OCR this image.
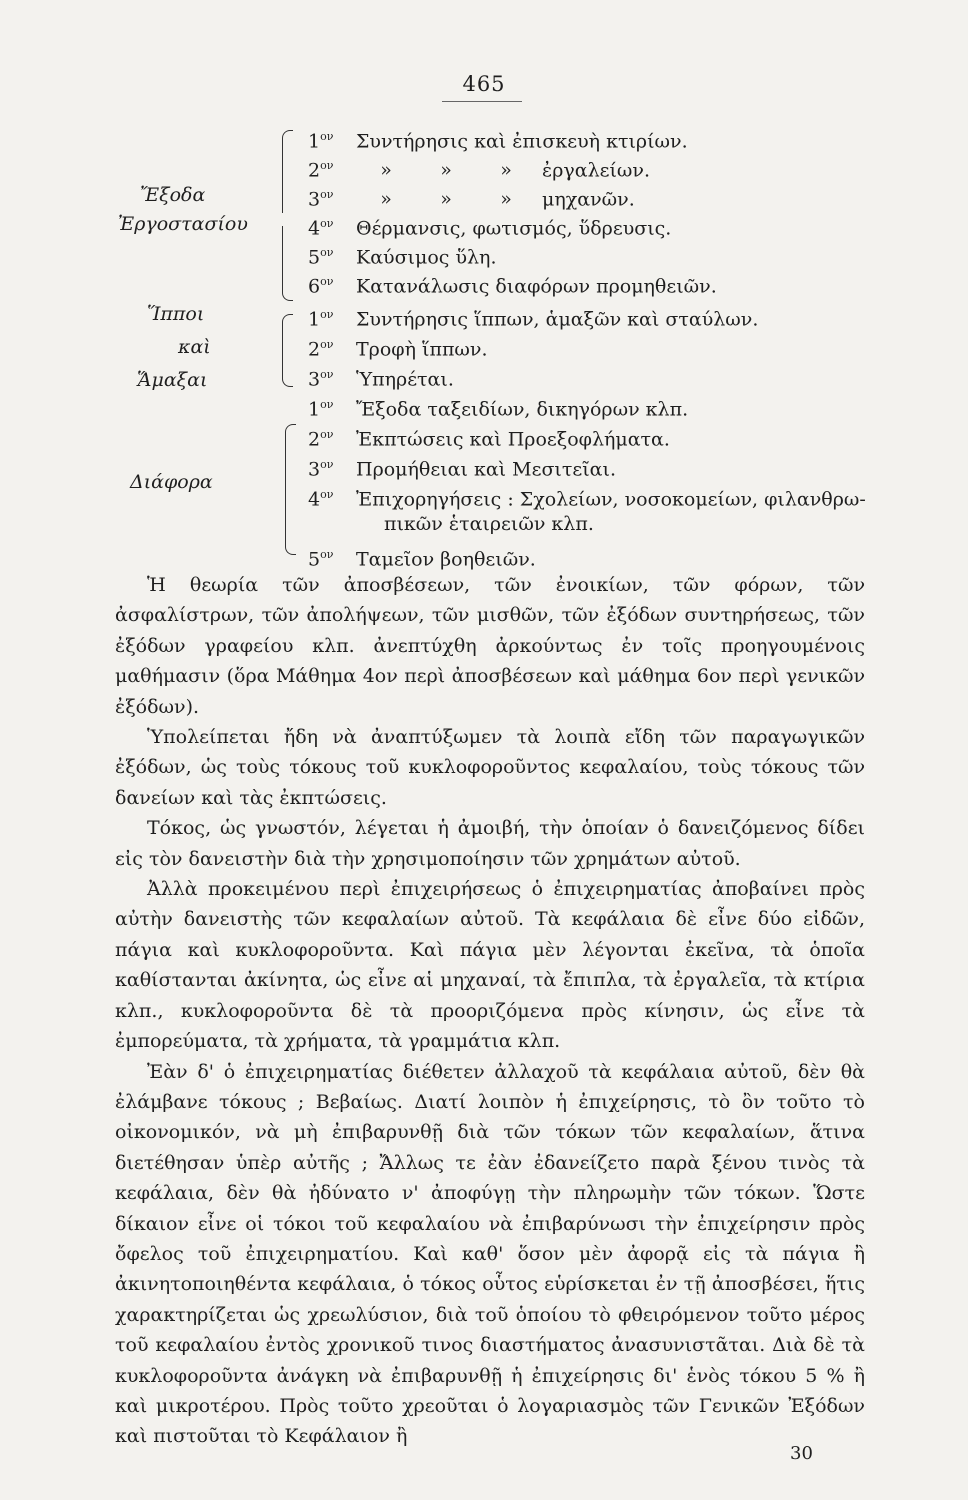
465
Ἔξοδα
Ἐργοστασίου
$1^{o\nu}$ Συντήρησις καὶ ἐπισκευὴ κτιρίων.
$2^{o\nu}$ »	»	» ἐργαλείων.
$3^{o\nu}$ »	»	» μηχανῶν.
$4^{o\nu}$ Θέρμανσις, φωτισμός, ὕδρευσις.
$5^{o\nu}$ Καύσιμος ὕλη.
$6^{o\nu}$ Κατανάλωσις διαφόρων προμηθειῶν.
Ἵπποι
καὶ
Ἅμαξαι
$1^{o\nu}$ Συντήρησις ἵππων, ἁμαξῶν καὶ σταύλων.
$2^{o\nu}$ Τροφὴ ἵππων.
$3^{o\nu}$ Ὑπηρέται.
Διάφορα
$1^{o\nu}$ Ἔξοδα ταξειδίων, δικηγόρων κλπ.
$2^{o\nu}$ Ἐκπτώσεις καὶ Προεξοφλήματα.
$3^{o\nu}$ Προμήθειαι καὶ Μεσιτεῖαι.
$4^{o\nu}$ Ἐπιχορηγήσεις : Σχολείων, νοσοκομείων, φιλανθρω-
πικῶν ἑταιρειῶν κλπ.
$5^{o\nu}$ Ταμεῖον βοηθειῶν.

Ἡ θεωρία τῶν ἀποσβέσεων, τῶν ἐνοικίων, τῶν φόρων, τῶν ἀσφαλίστρων, τῶν ἀπολήψεων, τῶν μισθῶν, τῶν ἐξόδων συντηρήσεως, τῶν ἐξόδων γραφείου κλπ. ἀνεπτύχθη ἀρκούντως ἐν τοῖς προηγουμένοις μαθήμασιν (ὅρα Μάθημα 4ον περὶ ἀποσβέσεων καὶ μάθημα 6ον περὶ γενικῶν ἐξόδων).

Ὑπολείπεται ἤδη νὰ ἀναπτύξωμεν τὰ λοιπὰ εἴδη τῶν παραγωγικῶν ἐξόδων, ὡς τοὺς τόκους τοῦ κυκλοφοροῦντος κεφαλαίου, τοὺς τόκους τῶν δανείων καὶ τὰς ἐκπτώσεις.

Τόκος, ὡς γνωστόν, λέγεται ἡ ἀμοιβή, τὴν ὁποίαν ὁ δανειζόμενος δίδει εἰς τὸν δανειστὴν διὰ τὴν χρησιμοποίησιν τῶν χρημάτων αὐτοῦ.

Ἀλλὰ προκειμένου περὶ ἐπιχειρήσεως ὁ ἐπιχειρηματίας ἀποβαίνει πρὸς αὐτὴν δανειστὴς τῶν κεφαλαίων αὐτοῦ. Τὰ κεφάλαια δὲ εἶνε δύο εἰδῶν, πάγια καὶ κυκλοφοροῦντα. Καὶ πάγια μὲν λέγονται ἐκεῖνα, τὰ ὁποῖα καθίστανται ἀκίνητα, ὡς εἶνε αἱ μηχαναί, τὰ ἔπιπλα, τὰ ἐργαλεῖα, τὰ κτίρια κλπ., κυκλοφοροῦντα δὲ τὰ προοριζόμενα πρὸς κίνησιν, ὡς εἶνε τὰ ἐμπορεύματα, τὰ χρήματα, τὰ γραμμάτια κλπ.

Ἐὰν δ' ὁ ἐπιχειρηματίας διέθετεν ἀλλαχοῦ τὰ κεφάλαια αὐτοῦ, δὲν θὰ ἐλάμβανε τόκους ; Βεβαίως. Διατί λοιπὸν ἡ ἐπιχείρησις, τὸ ὂν τοῦτο τὸ οἰκονομικόν, νὰ μὴ ἐπιβαρυνθῇ διὰ τῶν τόκων τῶν κεφαλαίων, ἅτινα διετέθησαν ὑπὲρ αὐτῆς ; Ἄλλως τε ἐὰν ἐδανείζετο παρὰ ξένου τινὸς τὰ κεφάλαια, δὲν θὰ ἠδύνατο ν' ἀποφύγῃ τὴν πληρωμὴν τῶν τόκων. Ὥστε δίκαιον εἶνε οἱ τόκοι τοῦ κεφαλαίου νὰ ἐπιβαρύνωσι τὴν ἐπιχείρησιν πρὸς ὄφελος τοῦ ἐπιχειρηματίου. Καὶ καθ' ὅσον μὲν ἀφορᾷ εἰς τὰ πάγια ἢ ἀκινητοποιηθέντα κεφάλαια, ὁ τόκος οὗτος εὑρίσκεται ἐν τῇ ἀποσβέσει, ἥτις χαρακτηρίζεται ὡς χρεωλύσιον, διὰ τοῦ ὁποίου τὸ φθειρόμενον τοῦτο μέρος τοῦ κεφαλαίου ἐντὸς χρονικοῦ τινος διαστήματος ἀνασυνιστᾶται. Διὰ δὲ τὰ κυκλοφοροῦντα ἀνάγκη νὰ ἐπιβαρυνθῇ ἡ ἐπιχείρησις δι' ἑνὸς τόκου 5 % ἢ καὶ μικροτέρου. Πρὸς τοῦτο χρεοῦται ὁ λογαριασμὸς τῶν Γενικῶν Ἐξόδων καὶ πιστοῦται τὸ Κεφάλαιον ἢ

30
